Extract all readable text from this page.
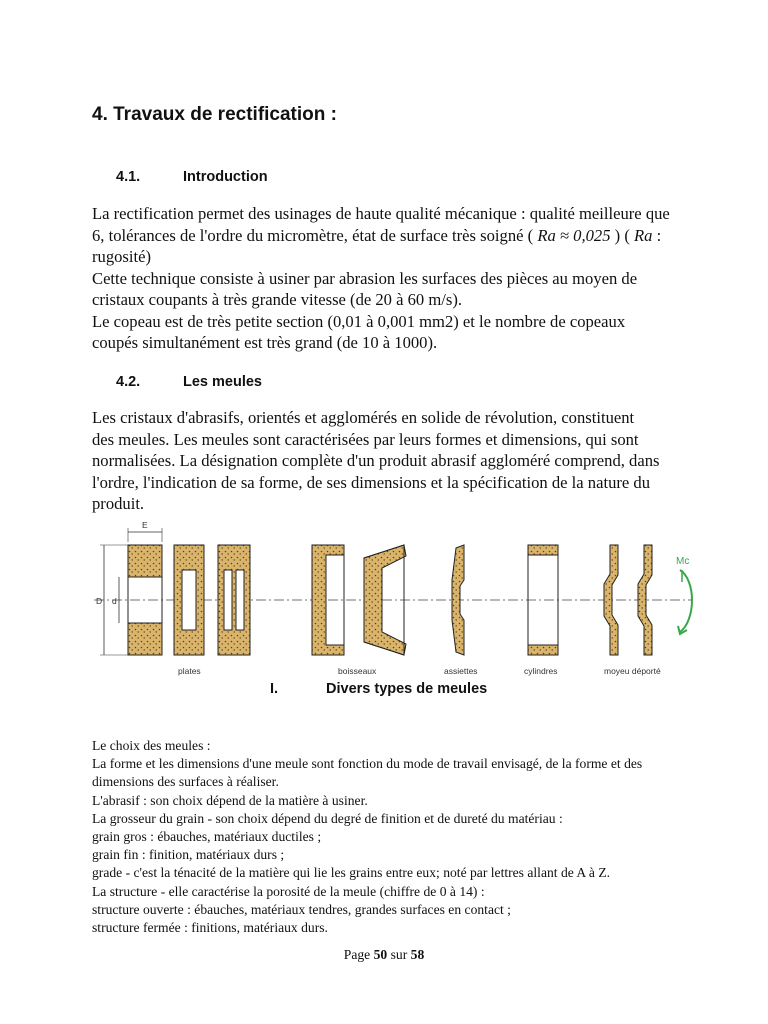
4. Travaux de rectification :
4.1.	Introduction
La rectification permet des usinages de haute qualité mécanique : qualité meilleure que
6, tolérances de l'ordre du micromètre, état de surface très soigné ( Ra ≈ 0,025 ) ( Ra :
rugosité)
Cette technique consiste à usiner par abrasion les surfaces des pièces au moyen de
cristaux coupants à très grande vitesse (de 20 à 60 m/s).
Le copeau est de très petite section (0,01 à 0,001 mm2) et le nombre de copeaux
coupés simultanément est très grand (de 10 à 1000).
4.2.	Les meules
Les cristaux d'abrasifs, orientés et agglomérés en solide de révolution, constituent
des meules. Les meules sont caractérisées par leurs formes et dimensions, qui sont
normalisées. La désignation complète d'un produit abrasif aggloméré comprend, dans
l'ordre, l'indication de sa forme, de ses dimensions et la spécification de la nature du
produit.
D d
E
Mc
plates	boisseaux	assiettes	cylindres	moyeu déporté
I.	Divers types de meules
Le choix des meules :
La forme et les dimensions d'une meule sont fonction du mode de travail envisagé, de la forme et des
dimensions des surfaces à réaliser.
L'abrasif : son choix dépend de la matière à usiner.
La grosseur du grain - son choix dépend du degré de finition et de dureté du matériau :
grain gros : ébauches, matériaux ductiles ;
grain fin : finition, matériaux durs ;
grade - c'est la ténacité de la matière qui lie les grains entre eux; noté par lettres allant de A à Z.
La structure - elle caractérise la porosité de la meule (chiffre de 0 à 14) :
structure ouverte : ébauches, matériaux tendres, grandes surfaces en contact ;
structure fermée : finitions, matériaux durs.
Page 50 sur 58
